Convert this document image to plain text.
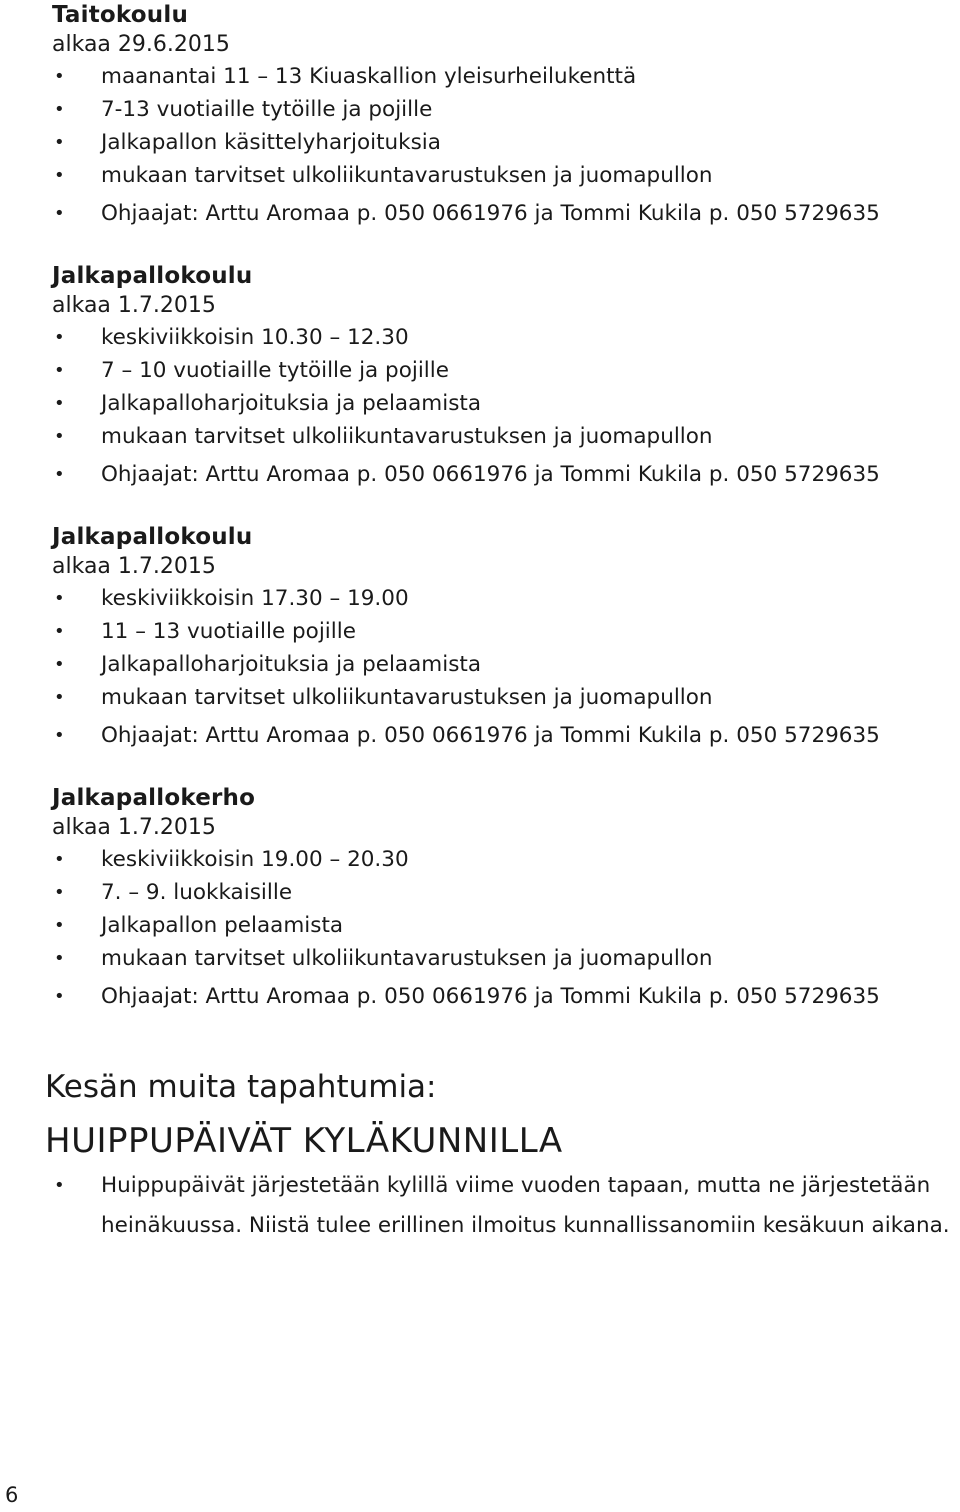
Taitokoulu

alkaa 29.6.2015

• maanantai 11 – 13 Kiuaskallion yleisurheilukenttä
• 7-13 vuotiaille tytöille ja pojille
• Jalkapallon käsittelyharjoituksia
• mukaan tarvitset ulkoliikuntavarustuksen ja juomapullon
• Ohjaajat: Arttu Aromaa p. 050 0661976 ja Tommi Kukila p. 050 5729635
Jalkapallokoulu

alkaa 1.7.2015

• keskiviikkoisin 10.30 – 12.30
• 7 – 10 vuotiaille tytöille ja pojille
• Jalkapalloharjoituksia ja pelaamista
• mukaan tarvitset ulkoliikuntavarustuksen ja juomapullon
• Ohjaajat: Arttu Aromaa p. 050 0661976 ja Tommi Kukila p. 050 5729635
Jalkapallokoulu

alkaa 1.7.2015

• keskiviikkoisin 17.30 – 19.00
• 11 – 13 vuotiaille pojille
• Jalkapalloharjoituksia ja pelaamista
• mukaan tarvitset ulkoliikuntavarustuksen ja juomapullon
• Ohjaajat: Arttu Aromaa p. 050 0661976 ja Tommi Kukila p. 050 5729635
Jalkapallokerho

alkaa 1.7.2015

• keskiviikkoisin 19.00 – 20.30
• 7. – 9. luokkaisille
• Jalkapallon pelaamista
• mukaan tarvitset ulkoliikuntavarustuksen ja juomapullon
• Ohjaajat: Arttu Aromaa p. 050 0661976 ja Tommi Kukila p. 050 5729635
Kesän muita tapahtumia:
HUIPPUPÄIVÄT KYLÄKUNNILLA
• Huippupäivät järjestetään kylillä viime vuoden tapaan, mutta ne järjestetään
heinäkuussa. Niistä tulee erillinen ilmoitus kunnallissanomiin kesäkuun aikana.
6
